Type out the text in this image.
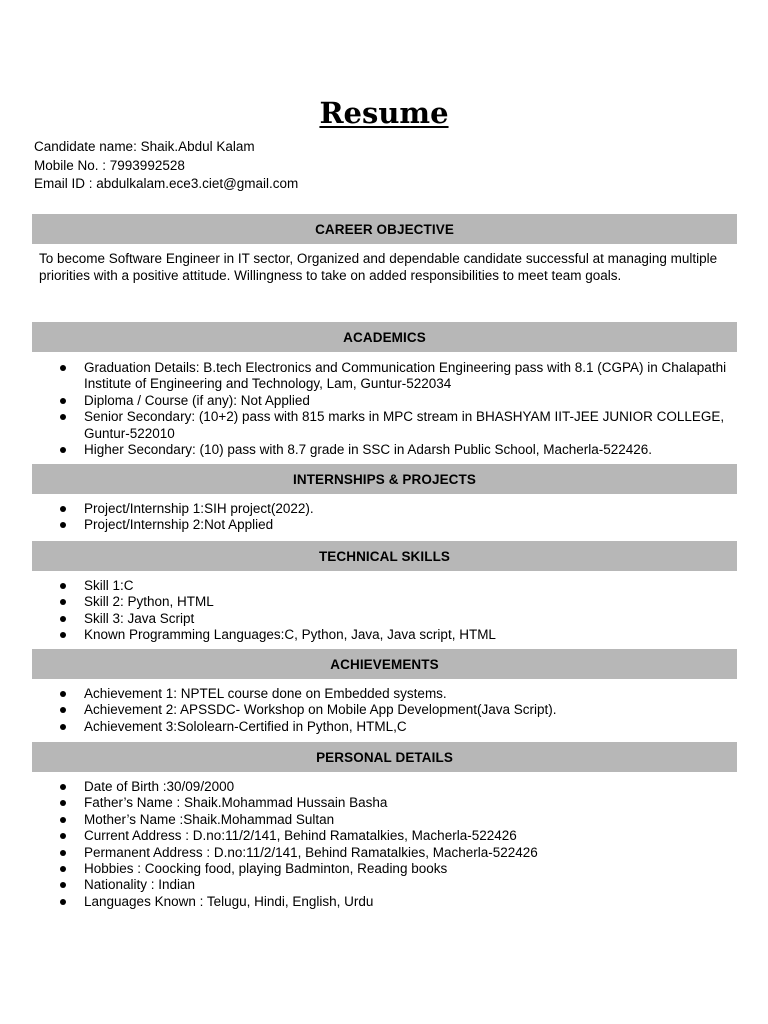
Resume
Candidate name: Shaik.Abdul Kalam
Mobile No. : 7993992528
Email ID : abdulkalam.ece3.ciet@gmail.com
CAREER OBJECTIVE
To become Software Engineer in IT sector, Organized and dependable candidate successful at managing multiple priorities with a positive attitude. Willingness to take on added responsibilities to meet team goals.
ACADEMICS
Graduation Details: B.tech Electronics and Communication Engineering pass with 8.1 (CGPA) in Chalapathi Institute of Engineering and Technology, Lam, Guntur-522034
Diploma / Course (if any): Not Applied
Senior Secondary: (10+2) pass with 815 marks in MPC stream in BHASHYAM IIT-JEE JUNIOR COLLEGE, Guntur-522010
Higher Secondary: (10) pass with 8.7 grade in SSC in Adarsh Public School, Macherla-522426.
INTERNSHIPS & PROJECTS
Project/Internship 1:SIH project(2022).
Project/Internship 2:Not Applied
TECHNICAL SKILLS
Skill 1:C
Skill 2: Python, HTML
Skill 3: Java Script
Known Programming Languages:C, Python, Java, Java script, HTML
ACHIEVEMENTS
Achievement 1: NPTEL course done on Embedded systems.
Achievement 2: APSSDC- Workshop on Mobile App Development(Java Script).
Achievement 3:Sololearn-Certified in Python, HTML,C
PERSONAL DETAILS
Date of Birth :30/09/2000
Father’s Name : Shaik.Mohammad Hussain Basha
Mother’s Name :Shaik.Mohammad Sultan
Current Address : D.no:11/2/141, Behind Ramatalkies, Macherla-522426
Permanent Address : D.no:11/2/141, Behind Ramatalkies, Macherla-522426
Hobbies : Coocking food, playing Badminton, Reading books
Nationality : Indian
Languages Known : Telugu, Hindi, English, Urdu
